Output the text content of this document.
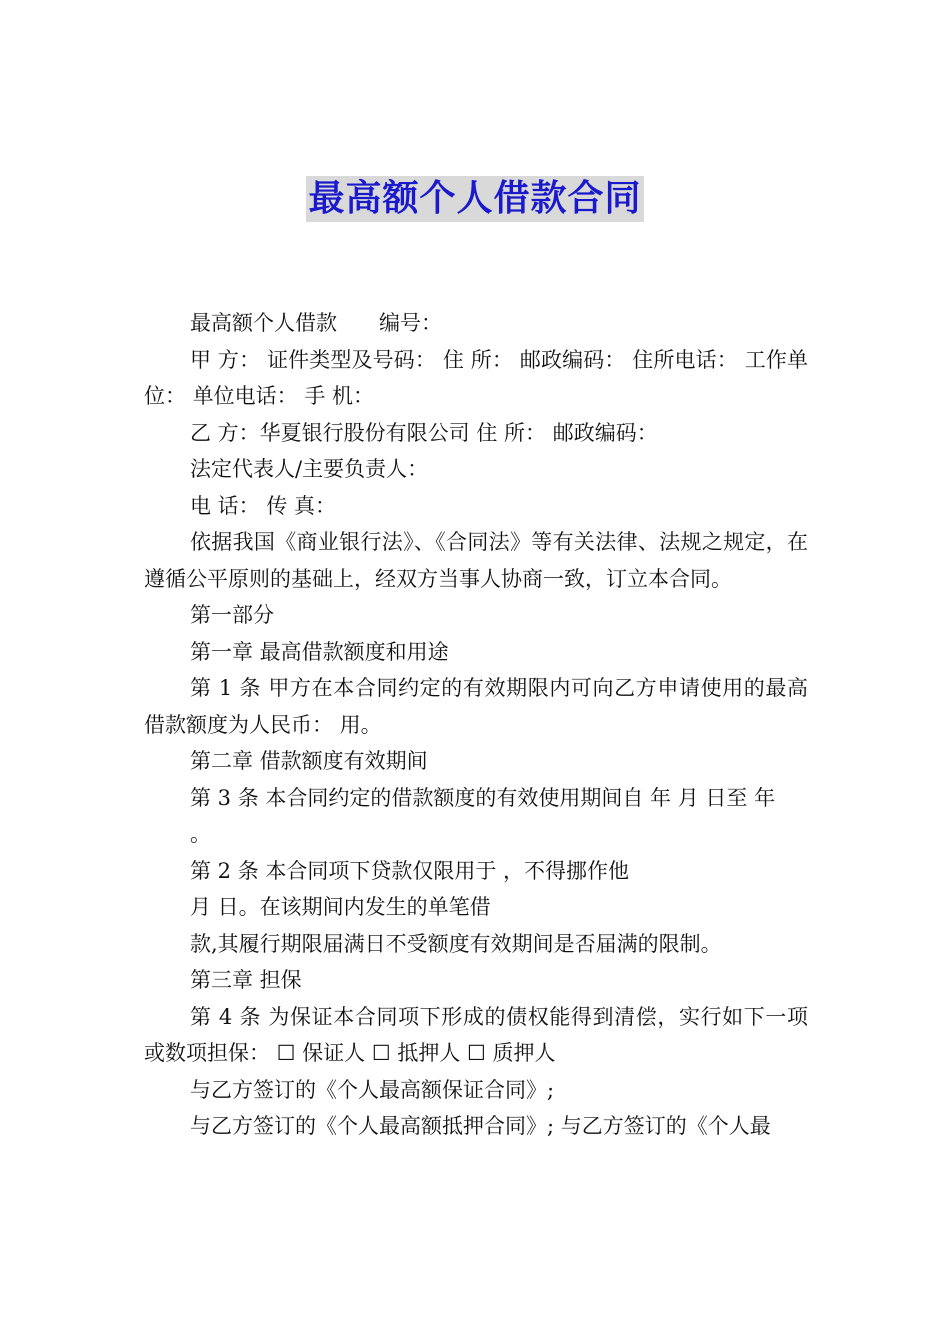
最高额个人借款合同

最高额个人借款　　编号：

甲 方： 证件类型及号码： 住 所： 邮政编码： 住所电话： 工作单位： 单位电话： 手 机：

乙 方：华夏银行股份有限公司 住 所： 邮政编码：

法定代表人/主要负责人：

电 话： 传 真：

依据我国《商业银行法》、《合同法》等有关法律、法规之规定，在遵循公平原则的基础上，经双方当事人协商一致，订立本合同。

第一部分

第一章 最高借款额度和用途

第 1 条 甲方在本合同约定的有效期限内可向乙方申请使用的最高借款额度为人民币： 用。

第二章 借款额度有效期间

第 3 条 本合同约定的借款额度的有效使用期间自 年 月 日至 年

。

第 2 条 本合同项下贷款仅限用于 ，不得挪作他

月 日。在该期间内发生的单笔借

款,其履行期限届满日不受额度有效期间是否届满的限制。

第三章 担保

第 4 条 为保证本合同项下形成的债权能得到清偿，实行如下一项或数项担保： ☐ 保证人 ☐ 抵押人 ☐ 质押人

与乙方签订的《个人最高额保证合同》;

与乙方签订的《个人最高额抵押合同》; 与乙方签订的《个人最
